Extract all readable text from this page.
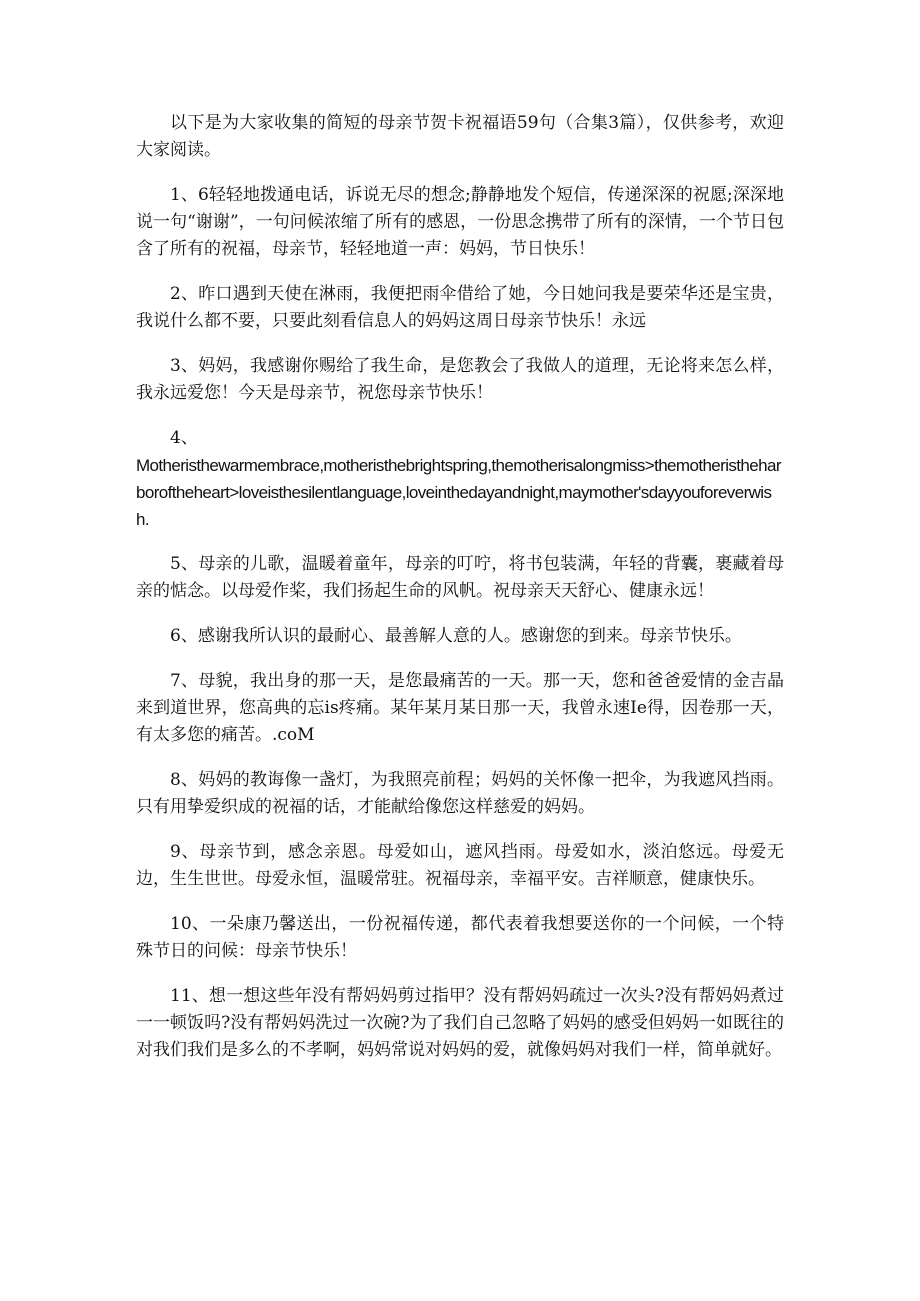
以下是为大家收集的简短的母亲节贺卡祝福语59句（合集3篇），仅供参考，欢迎大家阅读。

1、6轻轻地拨通电话，诉说无尽的想念;静静地发个短信，传递深深的祝愿;深深地说一句“谢谢”，一句问候浓缩了所有的感恩，一份思念携带了所有的深情，一个节日包含了所有的祝福，母亲节，轻轻地道一声：妈妈，节日快乐！

2、昨口遇到天使在淋雨，我便把雨伞借给了她，今日她问我是要荣华还是宝贵，我说什么都不要，只要此刻看信息人的妈妈这周日母亲节快乐！永远

3、妈妈，我感谢你赐给了我生命，是您教会了我做人的道理，无论将来怎么样，我永远爱您！今天是母亲节，祝您母亲节快乐！

4、

Motheristhewarmembrace,motheristhebrightspring,themotherisalongmiss>themotheristheharboroftheheart>loveisthesilentlanguage,loveinthedayandnight,maymother'sdayyouforeverwish.

5、母亲的儿歌，温暖着童年，母亲的叮咛，将书包装满，年轻的背囊，裹藏着母亲的惦念。以母爱作桨，我们扬起生命的风帆。祝母亲天天舒心、健康永远！

6、感谢我所认识的最耐心、最善解人意的人。感谢您的到来。母亲节快乐。

7、母貌，我出身的那一天，是您最痛苦的一天。那一天，您和爸爸爱情的金吉晶来到道世界，您高典的忘is疼痛。某年某月某日那一天，我曾永速Ie得，因卷那一天，有太多您的痛苦。.coM

8、妈妈的教诲像一盏灯，为我照亮前程；妈妈的关怀像一把伞，为我遮风挡雨。只有用挚爱织成的祝福的话，才能献给像您这样慈爱的妈妈。

9、母亲节到，感念亲恩。母爱如山，遮风挡雨。母爱如水，淡泊悠远。母爱无边，生生世世。母爱永恒，温暖常驻。祝福母亲，幸福平安。吉祥顺意，健康快乐。

10、一朵康乃馨送出，一份祝福传递，都代表着我想要送你的一个问候，一个特殊节日的问候：母亲节快乐！

11、想一想这些年没有帮妈妈剪过指甲？没有帮妈妈疏过一次头?没有帮妈妈煮过一一顿饭吗?没有帮妈妈洗过一次碗?为了我们自己忽略了妈妈的感受但妈妈一如既往的对我们我们是多么的不孝啊，妈妈常说对妈妈的爱，就像妈妈对我们一样，简单就好。
